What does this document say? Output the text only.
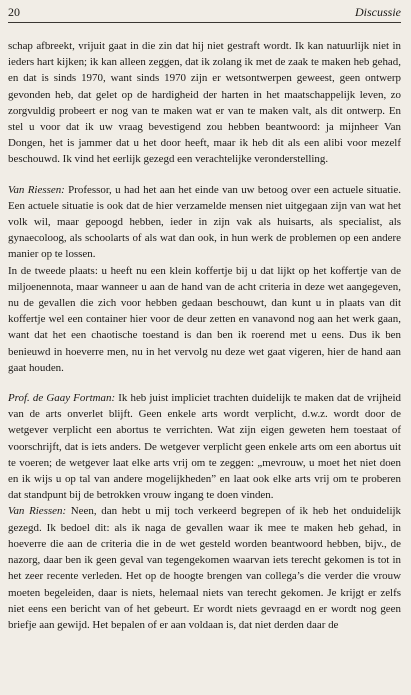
20	Discussie

schap afbreekt, vrijuit gaat in die zin dat hij niet gestraft wordt. Ik kan natuurlijk niet in ieders hart kijken; ik kan alleen zeggen, dat ik zolang ik met de zaak te maken heb gehad, en dat is sinds 1970, want sinds 1970 zijn er wetsontwerpen geweest, geen ontwerp gevonden heb, dat gelet op de hardigheid der harten in het maatschappelijk leven, zo zorgvuldig probeert er nog van te maken wat er van te maken valt, als dit ontwerp. En stel u voor dat ik uw vraag bevestigend zou hebben beantwoord: ja mijnheer Van Dongen, het is jammer dat u het door heeft, maar ik heb dit als een alibi voor mezelf beschouwd. Ik vind het eerlijk gezegd een verachtelijke veronderstelling.

Van Riessen: Professor, u had het aan het einde van uw betoog over een actuele situatie. Een actuele situatie is ook dat de hier verzamelde mensen niet uitgegaan zijn van wat het volk wil, maar gepoogd hebben, ieder in zijn vak als huisarts, als specialist, als gynaecoloog, als schoolarts of als wat dan ook, in hun werk de problemen op een andere manier op te lossen.

In de tweede plaats: u heeft nu een klein koffertje bij u dat lijkt op het koffertje van de miljoenennota, maar wanneer u aan de hand van de acht criteria in deze wet aangegeven, nu de gevallen die zich voor hebben gedaan beschouwt, dan kunt u in plaats van dit koffertje wel een container hier voor de deur zetten en vanavond nog aan het werk gaan, want dat het een chaotische toestand is dan ben ik roerend met u eens. Dus ik ben benieuwd in hoeverre men, nu in het vervolg nu deze wet gaat vigeren, hier de hand aan gaat houden.

Prof. de Gaay Fortman: Ik heb juist impliciet trachten duidelijk te maken dat de vrijheid van de arts onverlet blijft. Geen enkele arts wordt verplicht, d.w.z. wordt door de wetgever verplicht een abortus te verrichten. Wat zijn eigen geweten hem toestaat of voorschrijft, dat is iets anders. De wetgever verplicht geen enkele arts om een abortus uit te voeren; de wetgever laat elke arts vrij om te zeggen: „mevrouw, u moet het niet doen en ik wijs u op tal van andere mogelijkheden” en laat ook elke arts vrij om te proberen dat standpunt bij de betrokken vrouw ingang te doen vinden.

Van Riessen: Neen, dan hebt u mij toch verkeerd begrepen of ik heb het onduidelijk gezegd. Ik bedoel dit: als ik naga de gevallen waar ik mee te maken heb gehad, in hoeverre die aan de criteria die in de wet gesteld worden beantwoord hebben, bijv., de nazorg, daar ben ik geen geval van tegengekomen waarvan iets terecht gekomen is tot in het zeer recente verleden. Het op de hoogte brengen van collega’s die verder die vrouw moeten begeleiden, daar is niets, helemaal niets van terecht gekomen. Je krijgt er zelfs niet eens een bericht van of het gebeurt. Er wordt niets gevraagd en er wordt nog geen briefje aan gewijd. Het bepalen of er aan voldaan is, dat niet derden daar de
